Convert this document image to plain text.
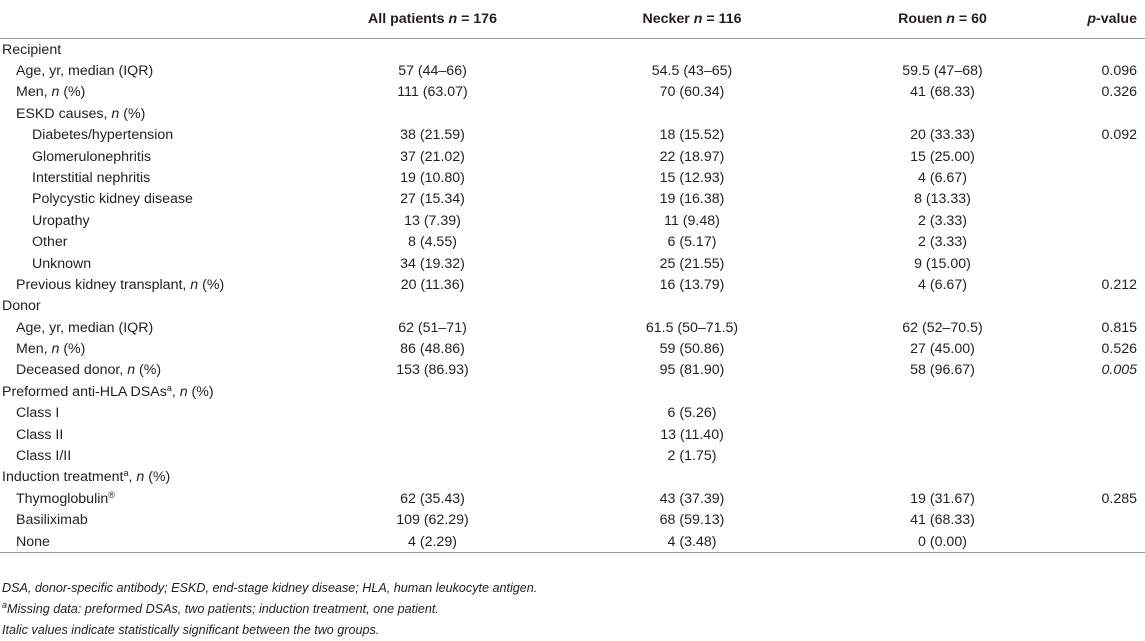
	All patients n = 176	Necker n = 116	Rouen n = 60	p-value
Recipient				
Age, yr, median (IQR)	57 (44–66)	54.5 (43–65)	59.5 (47–68)	0.096
Men, n (%)	111 (63.07)	70 (60.34)	41 (68.33)	0.326
ESKD causes, n (%)				
Diabetes/hypertension	38 (21.59)	18 (15.52)	20 (33.33)	0.092
Glomerulonephritis	37 (21.02)	22 (18.97)	15 (25.00)	
Interstitial nephritis	19 (10.80)	15 (12.93)	4 (6.67)	
Polycystic kidney disease	27 (15.34)	19 (16.38)	8 (13.33)	
Uropathy	13 (7.39)	11 (9.48)	2 (3.33)	
Other	8 (4.55)	6 (5.17)	2 (3.33)	
Unknown	34 (19.32)	25 (21.55)	9 (15.00)	
Previous kidney transplant, n (%)	20 (11.36)	16 (13.79)	4 (6.67)	0.212
Donor				
Age, yr, median (IQR)	62 (51–71)	61.5 (50–71.5)	62 (52–70.5)	0.815
Men, n (%)	86 (48.86)	59 (50.86)	27 (45.00)	0.526
Deceased donor, n (%)	153 (86.93)	95 (81.90)	58 (96.67)	0.005
Preformed anti-HLA DSAs$^a$, n (%)				
Class I		6 (5.26)		
Class II		13 (11.40)		
Class I/II		2 (1.75)		
Induction treatment$^a$, n (%)				
Thymoglobulin®	62 (35.43)	43 (37.39)	19 (31.67)	0.285
Basiliximab	109 (62.29)	68 (59.13)	41 (68.33)	
None	4 (2.29)	4 (3.48)	0 (0.00)	
DSA, donor-specific antibody; ESKD, end-stage kidney disease; HLA, human leukocyte antigen.
$^a$Missing data: preformed DSAs, two patients; induction treatment, one patient.
Italic values indicate statistically significant between the two groups.
